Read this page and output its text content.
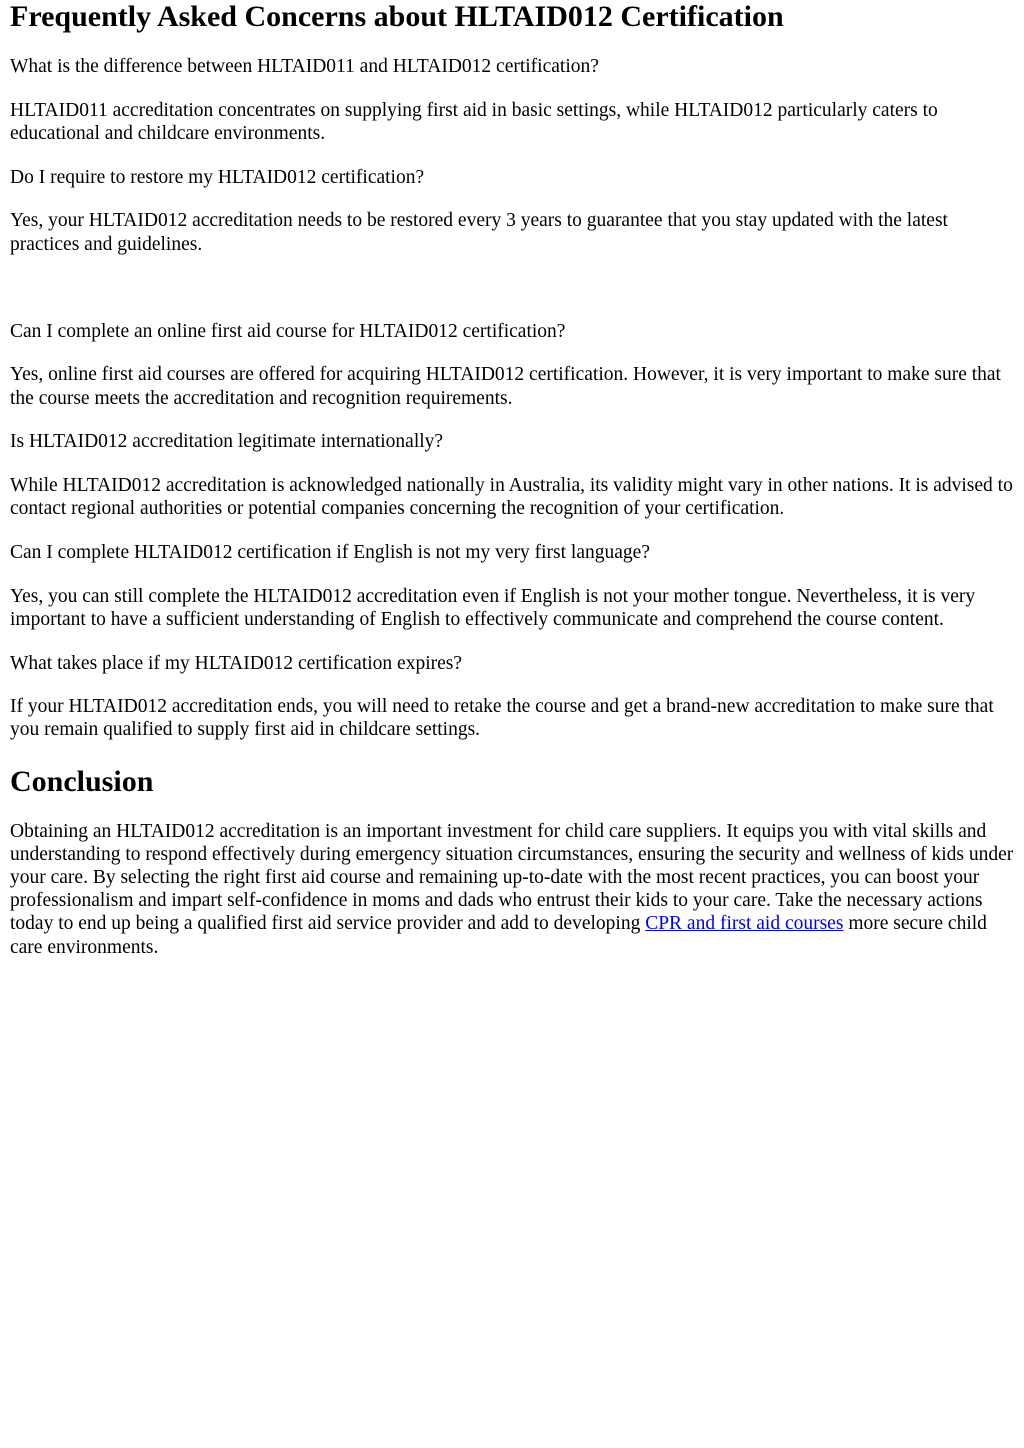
Frequently Asked Concerns about HLTAID012 Certification

What is the difference between HLTAID011 and HLTAID012 certification?

HLTAID011 accreditation concentrates on supplying first aid in basic settings, while HLTAID012 particularly caters to educational and childcare environments.

Do I require to restore my HLTAID012 certification?

Yes, your HLTAID012 accreditation needs to be restored every 3 years to guarantee that you stay updated with the latest practices and guidelines.

Can I complete an online first aid course for HLTAID012 certification?

Yes, online first aid courses are offered for acquiring HLTAID012 certification. However, it is very important to make sure that the course meets the accreditation and recognition requirements.

Is HLTAID012 accreditation legitimate internationally?

While HLTAID012 accreditation is acknowledged nationally in Australia, its validity might vary in other nations. It is advised to contact regional authorities or potential companies concerning the recognition of your certification.

Can I complete HLTAID012 certification if English is not my very first language?

Yes, you can still complete the HLTAID012 accreditation even if English is not your mother tongue. Nevertheless, it is very important to have a sufficient understanding of English to effectively communicate and comprehend the course content.

What takes place if my HLTAID012 certification expires?

If your HLTAID012 accreditation ends, you will need to retake the course and get a brand-new accreditation to make sure that you remain qualified to supply first aid in childcare settings.

Conclusion

Obtaining an HLTAID012 accreditation is an important investment for child care suppliers. It equips you with vital skills and understanding to respond effectively during emergency situation circumstances, ensuring the security and wellness of kids under your care. By selecting the right first aid course and remaining up-to-date with the most recent practices, you can boost your professionalism and impart self-confidence in moms and dads who entrust their kids to your care. Take the necessary actions today to end up being a qualified first aid service provider and add to developing CPR and first aid courses more secure child care environments.
